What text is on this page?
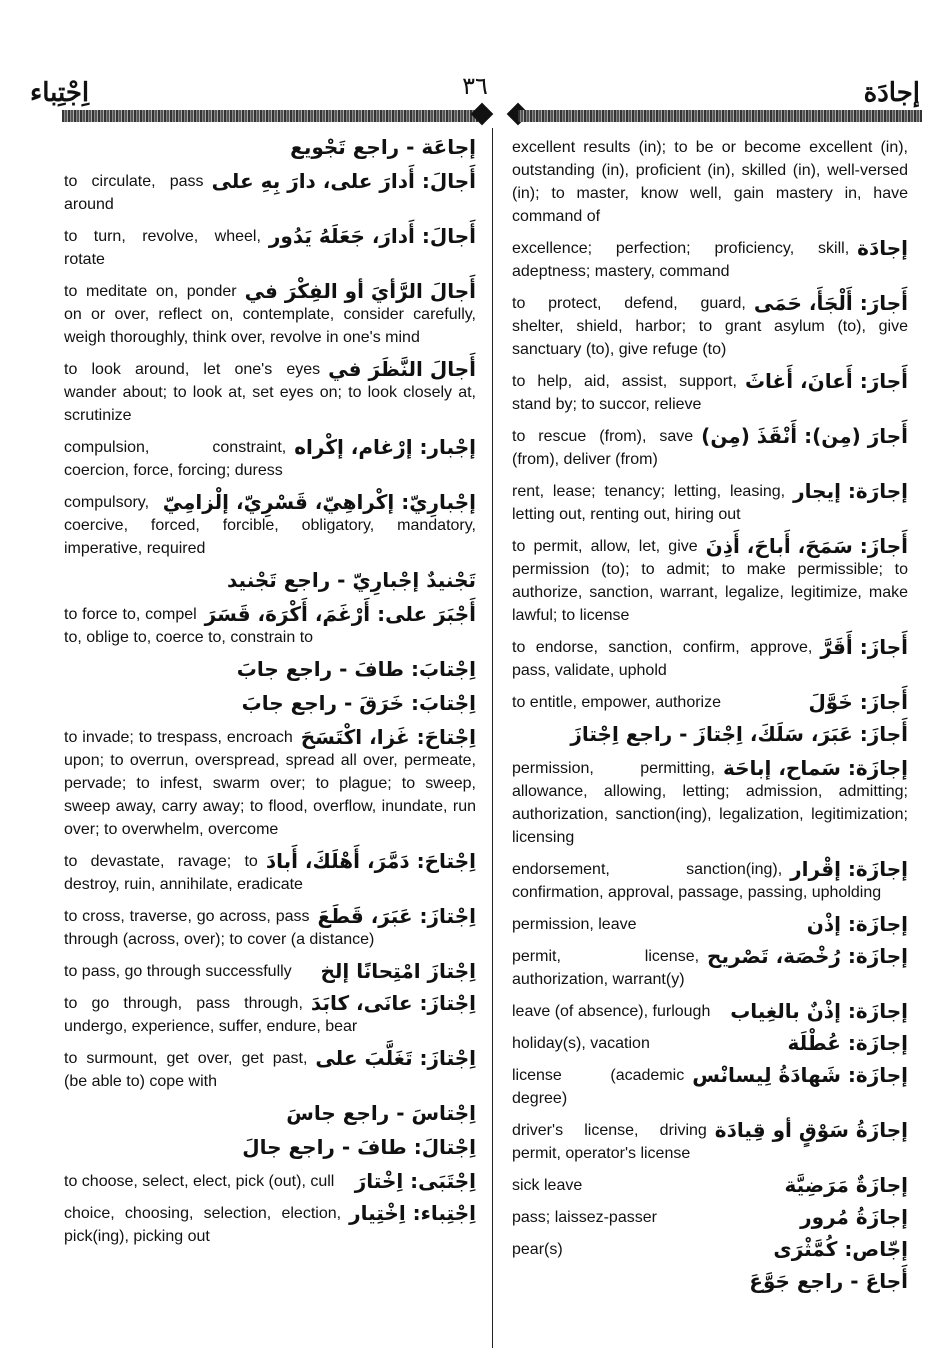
اِجْتِباء	٣٦	إجادَة
إجاعَة - راجع تَجْويع
أَجالَ: أَدارَ على، دارَ بِهِ على
to circulate, pass around
أَجالَ: أَدارَ، جَعَلَهُ يَدُور
to turn, revolve, wheel, rotate
أَجالَ الرَّأيَ أو الفِكْرَ في
to meditate on, ponder on or over, reflect on, contemplate, consider carefully, weigh thoroughly, think over, revolve in one's mind
أَجالَ النَّظَرَ في
to look around, let one's eyes wander about; to look at, set eyes on; to look closely at, scrutinize
إجْبار: إرْغام، إكْراه
compulsion, constraint, coercion, force, forcing; duress
إجْبارِيّ: إكْراهِيّ، قَسْرِيّ، إلْزامِيّ
compulsory, coercive, forced, forcible, obligatory, mandatory, imperative, required
تَجْنيدٌ إجْبارِيّ - راجع تَجْنيد
أَجْبَرَ على: أَرْغَمَ، أَكْرَهَ، قَسَرَ
to force to, compel to, oblige to, coerce to, constrain to
اِجْتابَ: طافَ - راجع جابَ
اِجْتابَ: خَرَقَ - راجع جابَ
اِجْتاحَ: غَزا، اكْتَسَحَ
to invade; to trespass, encroach upon; to overrun, overspread, spread all over, permeate, pervade; to infest, swarm over; to plague; to sweep, sweep away, carry away; to flood, overflow, inundate, run over; to overwhelm, overcome
اِجْتاحَ: دَمَّرَ، أَهْلَكَ، أَبادَ
to devastate, ravage; to destroy, ruin, annihilate, eradicate
اِجْتازَ: عَبَرَ، قَطَعَ
to cross, traverse, go across, pass through (across, over); to cover (a distance)
اِجْتازَ امْتِحانًا إلخ
to pass, go through successfully
اِجْتازَ: عانَى، كابَدَ
to go through, pass through, undergo, experience, suffer, endure, bear
اِجْتازَ: تَغَلَّبَ على
to surmount, get over, get past, (be able to) cope with
اِجْتاسَ - راجع جاسَ
اِجْتالَ: طافَ - راجع جالَ
اِجْتَبَى: اِخْتارَ
to choose, select, elect, pick (out), cull
اِجْتِباء: اِخْتِيار
choice, choosing, selection, election, pick(ing), picking out
excellent results (in); to be or become excellent (in), outstanding (in), proficient (in), skilled (in), well-versed (in); to master, know well, gain mastery in, have command of
إجادَة
excellence; perfection; proficiency, skill, adeptness; mastery, command
أَجارَ: أَلْجَأَ، حَمَى
to protect, defend, guard, shelter, shield, harbor; to grant asylum (to), give sanctuary (to), give refuge (to)
أَجارَ: أَعانَ، أَغاثَ
to help, aid, assist, support, stand by; to succor, relieve
أَجارَ (مِن): أَنْقَذَ (مِن)
to rescue (from), save (from), deliver (from)
إجارَة: إيجار
rent, lease; tenancy; letting, leasing, letting out, renting out, hiring out
أَجازَ: سَمَحَ، أَباحَ، أَذِنَ
to permit, allow, let, give permission (to); to admit; to make permissible; to authorize, sanction, warrant, legalize, legitimize, make lawful; to license
أَجازَ: أَقَرَّ
to endorse, sanction, confirm, approve, pass, validate, uphold
أَجازَ: خَوَّلَ
to entitle, empower, authorize
أَجازَ: عَبَرَ، سَلَكَ، اِجْتازَ - راجع اِجْتازَ
إجازَة: سَماح، إباحَة
permission, permitting, allowance, allowing, letting; admission, admitting; authorization, sanction(ing), legalization, legitimization; licensing
إجازَة: إقْرار
endorsement, sanction(ing), confirmation, approval, passage, passing, upholding
إجازَة: إذْن
permission, leave
إجازَة: رُخْصَة، تَصْريح
permit, license, authorization, warrant(y)
إجازَة: إذْنٌ بالغِياب
leave (of absence), furlough
إجازَة: عُطْلَة
holiday(s), vacation
إجازَة: شَهادَةُ لِيسانْس
license (academic degree)
إجازَةُ سَوْقٍ أو قِيادَة
driver's license, driving permit, operator's license
إجازَةٌ مَرَضِيَّة
sick leave
إجازَةُ مُرور
pass; laissez-passer
إجّاص: كُمَّثْرَى
pear(s)
أَجاعَ - راجع جَوَّعَ
